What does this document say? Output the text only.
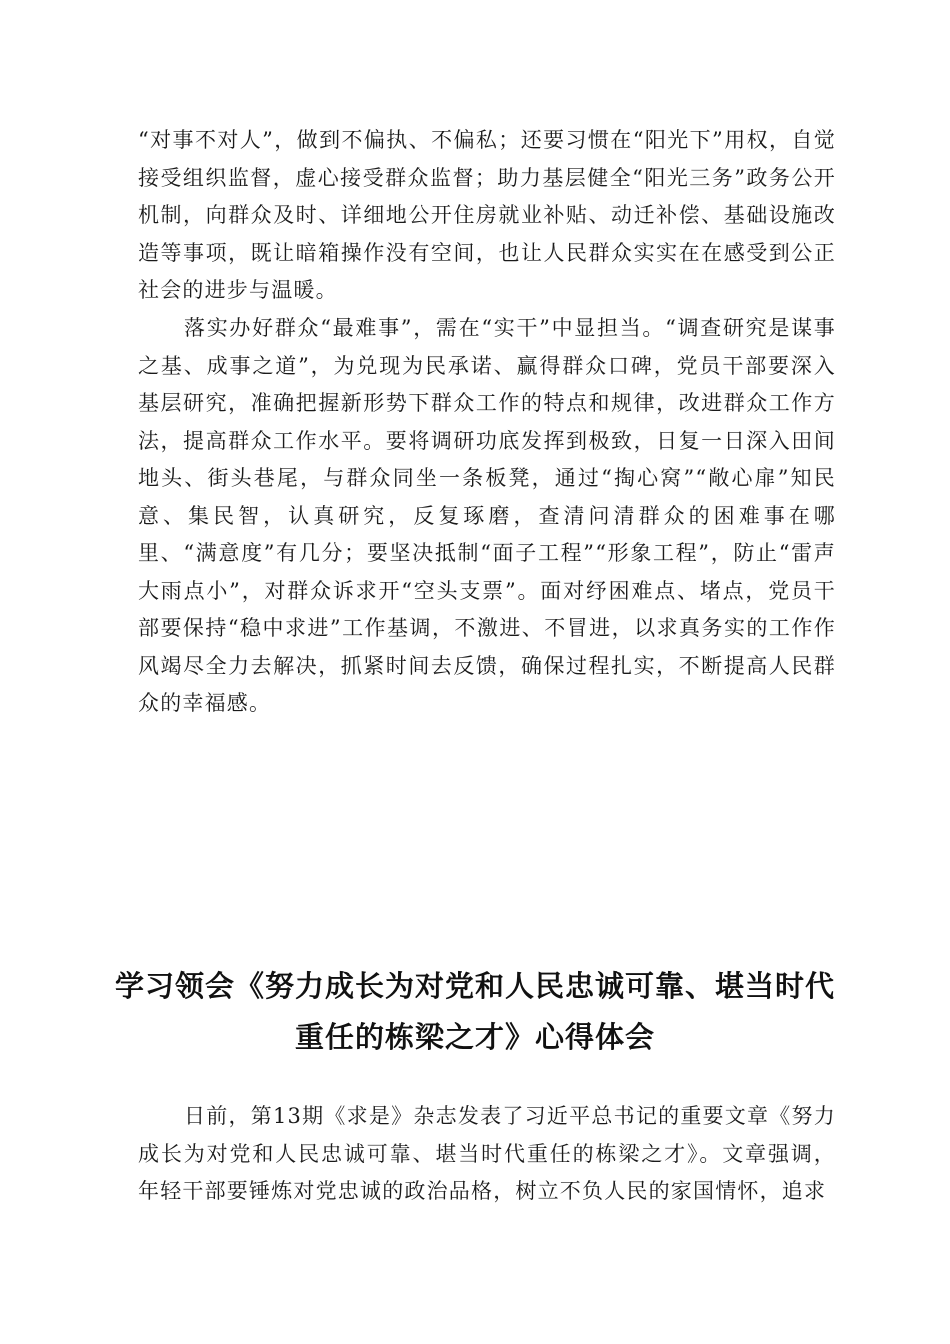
“对事不对人”，做到不偏执、不偏私；还要习惯在“阳光下”用权，自觉接受组织监督，虚心接受群众监督；助力基层健全“阳光三务”政务公开机制，向群众及时、详细地公开住房就业补贴、动迁补偿、基础设施改造等事项，既让暗箱操作没有空间，也让人民群众实实在在感受到公正社会的进步与温暖。

落实办好群众“最难事”，需在“实干”中显担当。“调查研究是谋事之基、成事之道”，为兑现为民承诺、赢得群众口碑，党员干部要深入基层研究，准确把握新形势下群众工作的特点和规律，改进群众工作方法，提高群众工作水平。要将调研功底发挥到极致，日复一日深入田间地头、街头巷尾，与群众同坐一条板凳，通过“掏心窝”“敞心扉”知民意、集民智，认真研究，反复琢磨，查清问清群众的困难事在哪里、“满意度”有几分；要坚决抵制“面子工程”“形象工程”，防止“雷声大雨点小”，对群众诉求开“空头支票”。面对纾困难点、堵点，党员干部要保持“稳中求进”工作基调，不激进、不冒进，以求真务实的工作作风竭尽全力去解决，抓紧时间去反馈，确保过程扎实，不断提高人民群众的幸福感。

学习领会《努力成长为对党和人民忠诚可靠、堪当时代
重任的栋梁之才》心得体会

日前，第13期《求是》杂志发表了习近平总书记的重要文章《努力成长为对党和人民忠诚可靠、堪当时代重任的栋梁之才》。文章强调，年轻干部要锤炼对党忠诚的政治品格，树立不负人民的家国情怀，追求
